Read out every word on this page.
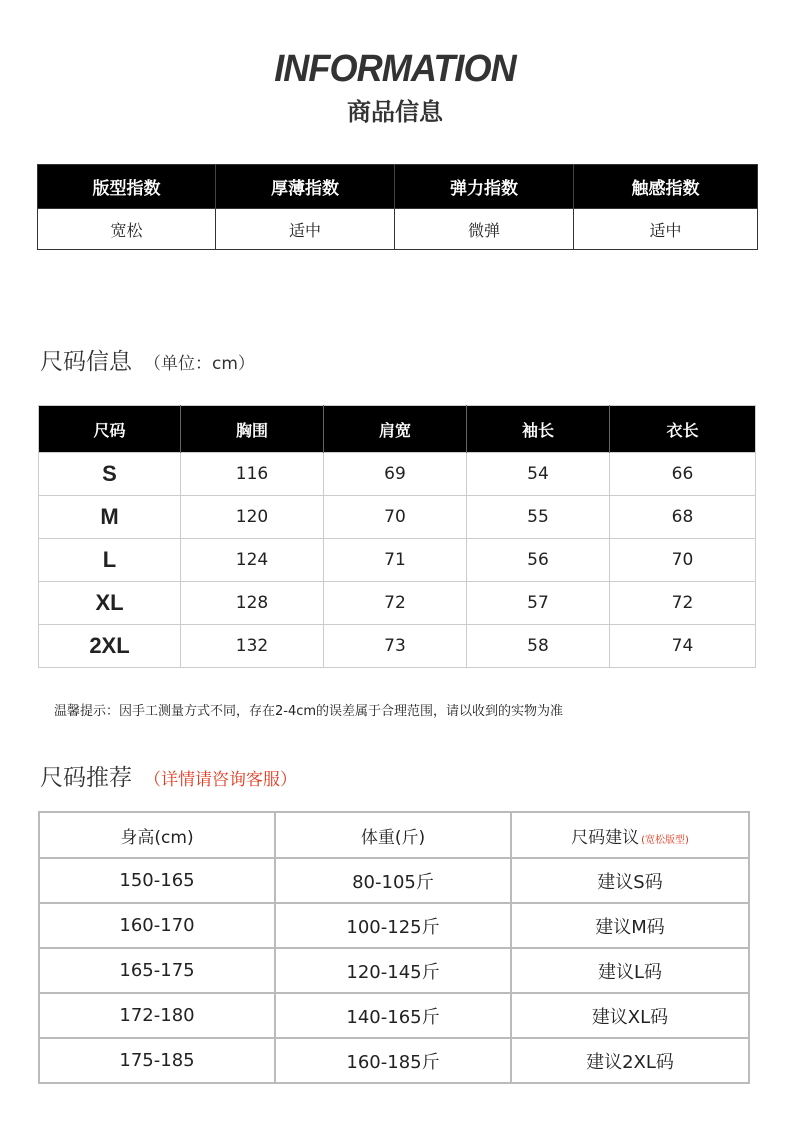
INFORMATION
商品信息
版型指数	厚薄指数	弹力指数	触感指数
宽松	适中	微弹	适中
尺码信息 （单位：cm）
尺码	胸围	肩宽	袖长	衣长
S	116	69	54	66
M	120	70	55	68
L	124	71	56	70
XL	128	72	57	72
2XL	132	73	58	74
温馨提示：因手工测量方式不同，存在2-4cm的误差属于合理范围，请以收到的实物为准
尺码推荐 （详情请咨询客服）
身高(cm)	体重(斤)	尺码建议 (宽松版型)
150-165	80-105斤	建议S码
160-170	100-125斤	建议M码
165-175	120-145斤	建议L码
172-180	140-165斤	建议XL码
175-185	160-185斤	建议2XL码
